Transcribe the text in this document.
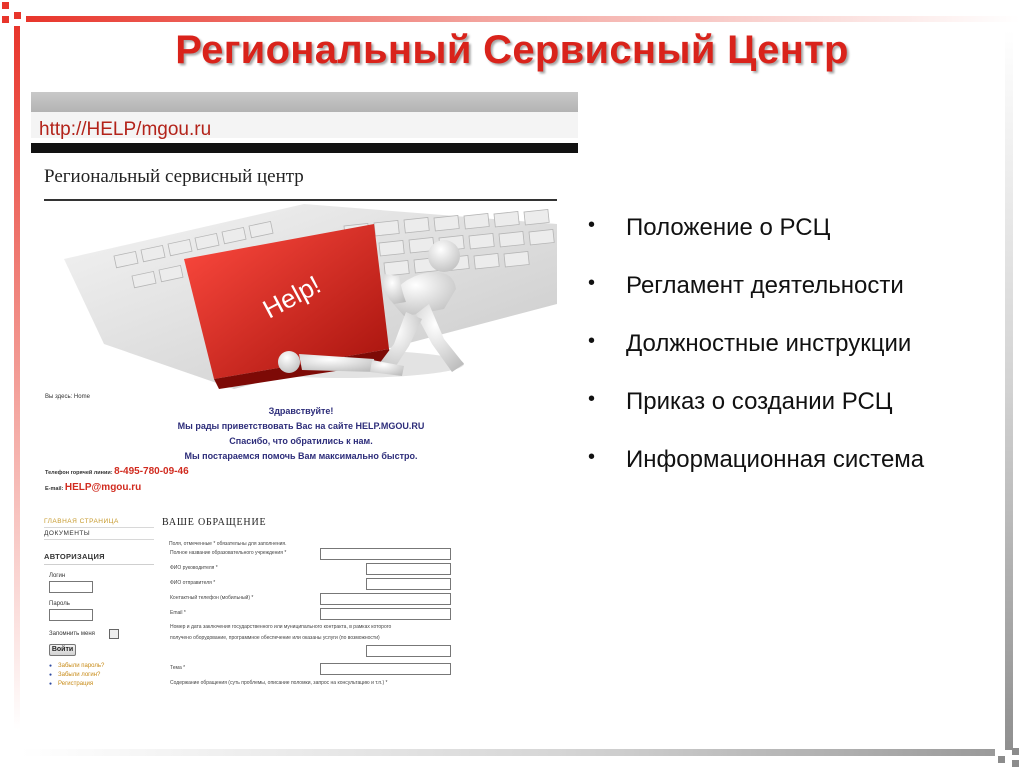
Региональный Сервисный Центр
http://HELP/mgou.ru
Региональный сервисный центр
Help!
Вы здесь: Home
Здравствуйте!
Мы рады приветствовать Вас на сайте HELP.MGOU.RU
Спасибо, что обратились к нам.
Мы постараемся помочь Вам максимально быстро.
Телефон горячей линии: 8-495-780-09-46
E-mail: HELP@mgou.ru
ГЛАВНАЯ СТРАНИЦА
ДОКУМЕНТЫ
АВТОРИЗАЦИЯ
Логин
Пароль
Запомнить меня
Войти
● Забыли пароль?
● Забыли логин?
● Регистрация
ВАШЕ ОБРАЩЕНИЕ
Поля, отмеченные * обязательны для заполнения.
Полное название образовательного учреждения *
ФИО руководителя *
ФИО отправителя *
Контактный телефон (мобильный) *
Email *
Номер и дата заключения государственного или муниципального контракта, в рамках которого
получено оборудование, программное обеспечение или оказаны услуги (по возможности)
Тема *
Содержание обращения (суть проблемы, описание поломки, запрос на консультацию и т.п.) *
•	Положение о РСЦ
•	Регламент деятельности
•	Должностные инструкции
•	Приказ о создании РСЦ
•	Информационная система
